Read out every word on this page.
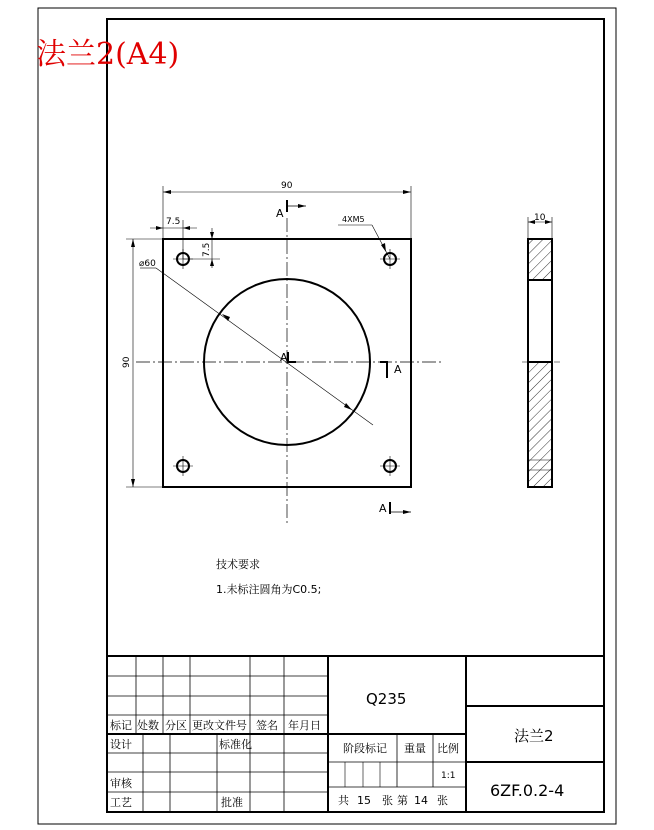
法兰2(A4)
90
7.5
7.5
90
⌀60
4XM5
A
A
A
A
10
技术要求
1.未标注圆角为C0.5;
标记 处数 分区 更改文件号 签名 年月日
设计	标准化
审核
工艺	批准
Q235
阶段标记 重量 比例
1:1
共 15 张 第 14 张
法兰2
6ZF.0.2-4
